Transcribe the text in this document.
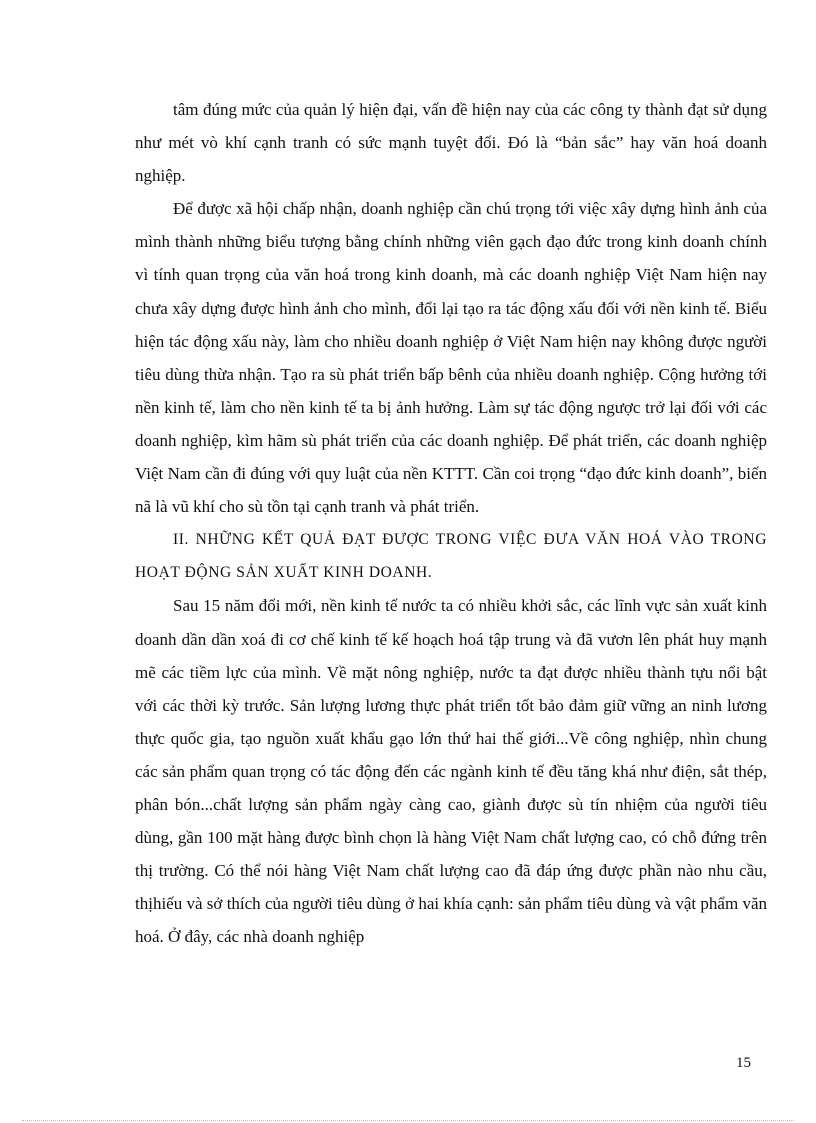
tâm đúng mức của quản lý hiện đại, vấn đề hiện nay của các công ty thành đạt sử dụng như mét vò khí cạnh tranh có sức mạnh tuyệt đối. Đó là “bản sắc” hay văn hoá doanh nghiệp.

Để được xã hội chấp nhận, doanh nghiệp cần chú trọng tới việc xây dựng hình ảnh của mình thành những biểu tượng bằng chính những viên gạch đạo đức trong kinh doanh chính vì tính quan trọng của văn hoá trong kinh doanh, mà các doanh nghiệp Việt Nam hiện nay chưa xây dựng được hình ảnh cho mình, đổi lại tạo ra tác động xấu đối với nền kinh tế. Biểu hiện tác động xấu này, làm cho nhiều doanh nghiệp ở Việt Nam hiện nay không được người tiêu dùng thừa nhận. Tạo ra sù phát triển bấp bênh của nhiều doanh nghiệp. Cộng hưởng tới nền kinh tế, làm cho nền kinh tế ta bị ảnh hưởng. Làm sự tác động ngược trở lại đối với các doanh nghiệp, kìm hãm sù phát triển của các doanh nghiệp. Để phát triển, các doanh nghiệp Việt Nam cần đi đúng với quy luật của nền KTTT. Cần coi trọng “đạo đức kinh doanh”, biến nã là vũ khí cho sù tồn tại cạnh tranh và phát triển.

II. NHỮNG KẾT QUẢ ĐẠT ĐƯỢC TRONG VIỆC ĐƯA VĂN HOÁ VÀO TRONG HOẠT ĐỘNG SẢN XUẤT KINH DOANH.

Sau 15 năm đổi mới, nền kinh tế nước ta có nhiều khởi sắc, các lĩnh vực sản xuất kinh doanh dần dần xoá đi cơ chế kinh tế kế hoạch hoá tập trung và đã vươn lên phát huy mạnh mẽ các tiềm lực của mình. Về mặt nông nghiệp, nước ta đạt được nhiều thành tựu nổi bật với các thời kỳ trước. Sản lượng lương thực phát triển tốt bảo đảm giữ vững an ninh lương thực quốc gia, tạo nguồn xuất khẩu gạo lớn thứ hai thế giới...Về công nghiệp, nhìn chung các sản phẩm quan trọng có tác động đến các ngành kinh tế đều tăng khá như điện, sắt thép, phân bón...chất lượng sản phẩm ngày càng cao, giành được sù tín nhiệm của người tiêu dùng, gần 100 mặt hàng được bình chọn là hàng Việt Nam chất lượng cao, có chỗ đứng trên thị trường. Có thể nói hàng Việt Nam chất lượng cao đã đáp ứng được phần nào nhu cầu, thịhiếu và sở thích của người tiêu dùng ở hai khía cạnh: sản phẩm tiêu dùng và vật phẩm văn hoá. Ở đây, các nhà doanh nghiệp

15
